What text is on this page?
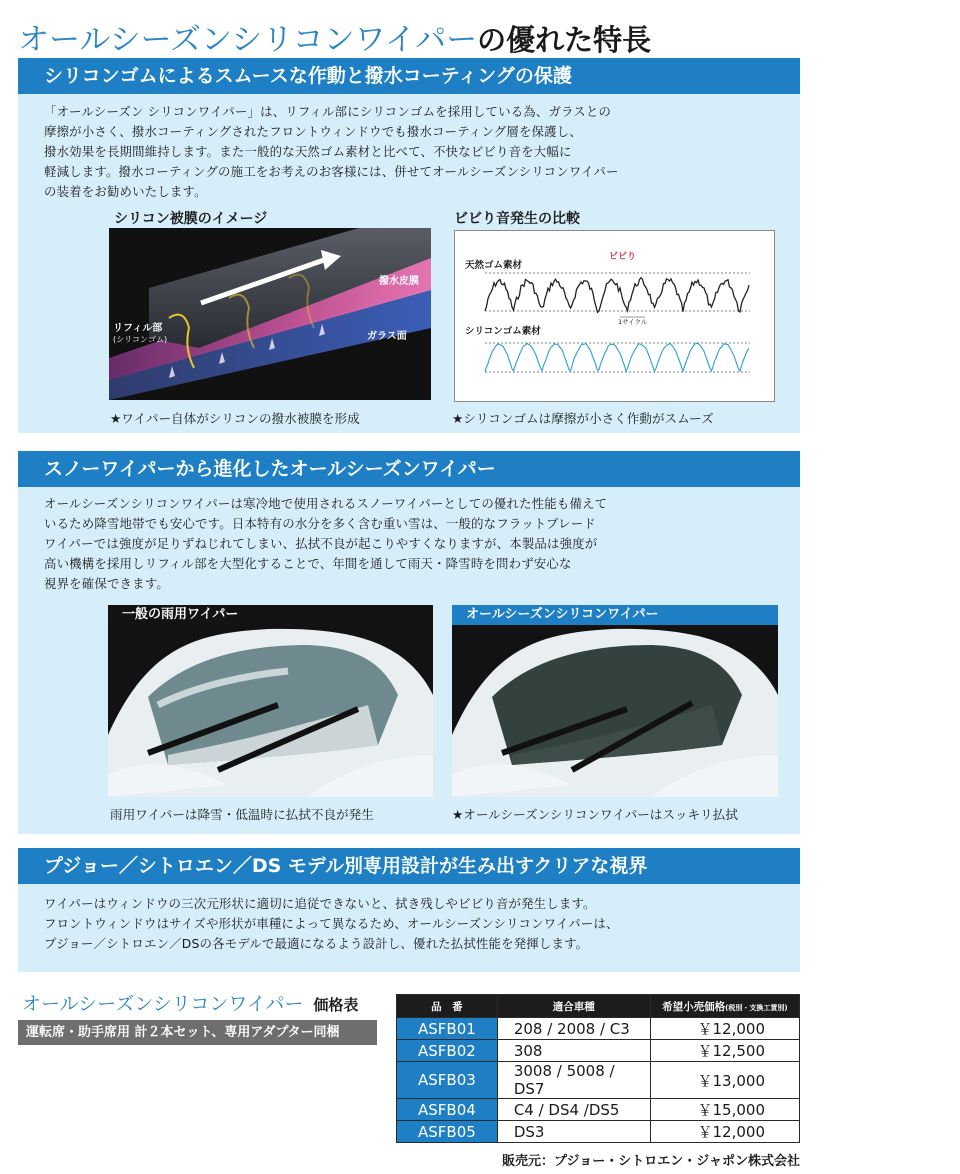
オールシーズンシリコンワイパーの優れた特長
シリコンゴムによるスムースな作動と撥水コーティングの保護
「オールシーズン シリコンワイパー」は、リフィル部にシリコンゴムを採用している為、ガラスとの
摩擦が小さく、撥水コーティングされたフロントウィンドウでも撥水コーティング層を保護し、
撥水効果を長期間維持します。また一般的な天然ゴム素材と比べて、不快なビビり音を大幅に
軽減します。撥水コーティングの施工をお考えのお客様には、併せてオールシーズンシリコンワイパー
の装着をお勧めいたします。
シリコン被膜のイメージ	ビビり音発生の比較
リフィル部
(シリコンゴム)
撥水皮膜
ガラス面
★ワイパー自体がシリコンの撥水被膜を形成
天然ゴム素材
ビビり
1サイクル
シリコンゴム素材
★シリコンゴムは摩擦が小さく作動がスムーズ
スノーワイパーから進化したオールシーズンワイパー
オールシーズンシリコンワイパーは寒冷地で使用されるスノーワイパーとしての優れた性能も備えて
いるため降雪地帯でも安心です。日本特有の水分を多く含む重い雪は、一般的なフラットブレード
ワイパーでは強度が足りずねじれてしまい、払拭不良が起こりやすくなりますが、本製品は強度が
高い機構を採用しリフィル部を大型化することで、年間を通して雨天・降雪時を問わず安心な
視界を確保できます。
一般の雨用ワイパー
雨用ワイパーは降雪・低温時に払拭不良が発生
オールシーズンシリコンワイパー
★オールシーズンシリコンワイパーはスッキリ払拭
プジョー／シトロエン／DS モデル別専用設計が生み出すクリアな視界
ワイパーはウィンドウの三次元形状に適切に追従できないと、拭き残しやビビり音が発生します。
フロントウィンドウはサイズや形状が車種によって異なるため、オールシーズンシリコンワイパーは、
プジョー／シトロエン／DSの各モデルで最適になるよう設計し、優れた払拭性能を発揮します。
オールシーズンシリコンワイパー 価格表
運転席・助手席用 計２本セット、専用アダプター同梱
品　番	適合車種	希望小売価格(税別・支換工賃別)
ASFB01	208 / 2008 / C3	￥12,000
ASFB02	308	￥12,500
ASFB03	3008 / 5008 / DS7	￥13,000
ASFB04	C4 / DS4 /DS5	￥15,000
ASFB05	DS3	￥12,000
販売元：プジョー・シトロエン・ジャポン株式会社
